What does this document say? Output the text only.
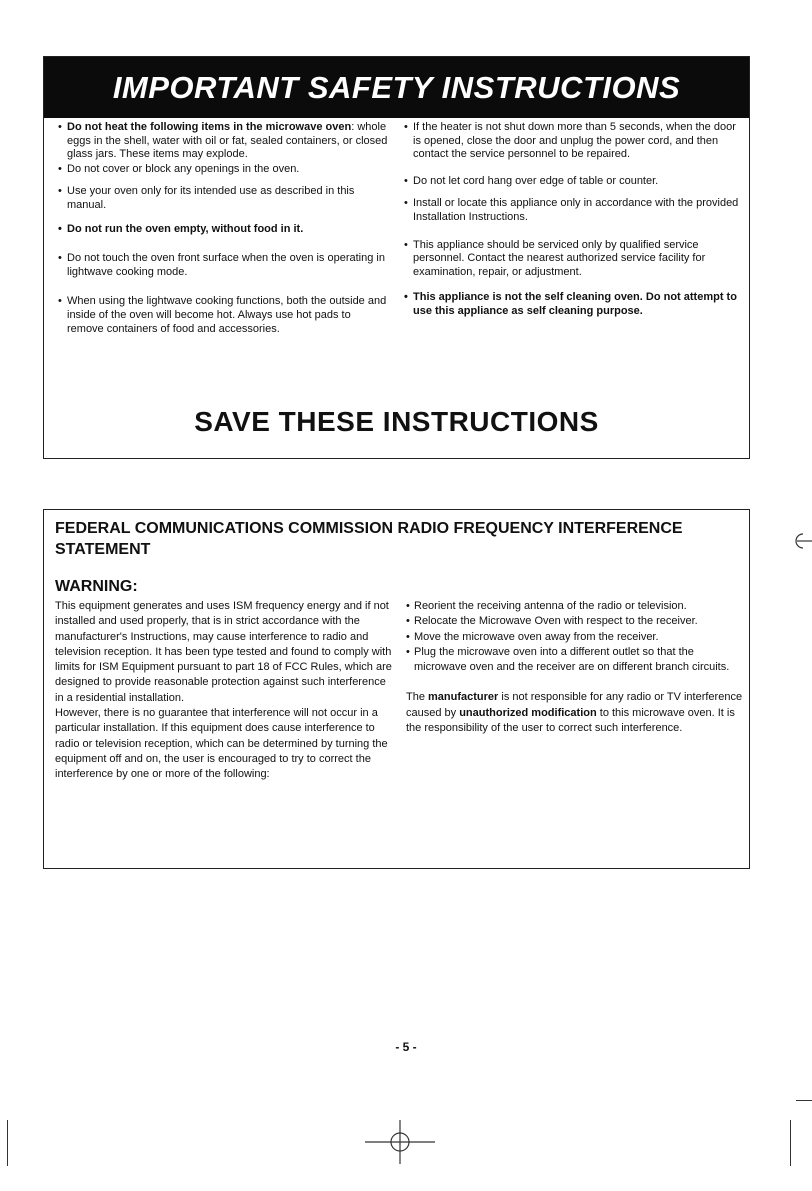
IMPORTANT SAFETY INSTRUCTIONS

• Do not heat the following items in the microwave oven: whole eggs in the shell, water with oil or fat, sealed containers, or closed glass jars. These items may explode.

• Do not cover or block any openings in the oven.

• Use your oven only for its intended use as described in this manual.

• Do not run the oven empty, without food in it.

• Do not touch the oven front surface when the oven is operating in lightwave cooking mode.

• When using the lightwave cooking functions, both the outside and inside of the oven will become hot. Always use hot pads to remove containers of food and accessories.

• If the heater is not shut down more than 5 seconds, when the door is opened, close the door and unplug the power cord, and then contact the service personnel to be repaired.

• Do not let cord hang over edge of table or counter.

• Install or locate this appliance only in accordance with the provided Installation Instructions.

• This appliance should be serviced only by qualified service personnel. Contact the nearest authorized service facility for examination, repair, or adjustment.

• This appliance is not the self cleaning oven. Do not attempt to use this appliance as self cleaning purpose.

SAVE THESE INSTRUCTIONS
FEDERAL COMMUNICATIONS COMMISSION RADIO FREQUENCY INTERFERENCE STATEMENT
WARNING:
This equipment generates and uses ISM frequency energy and if not installed and used properly, that is in strict accordance with the manufacturer's Instructions, may cause interference to radio and television reception. It has been type tested and found to comply with limits for ISM Equipment pursuant to part 18 of FCC Rules, which are designed to provide reasonable protection against such interference in a residential installation.
However, there is no guarantee that interference will not occur in a particular installation. If this equipment does cause interference to radio or television reception, which can be determined by turning the equipment off and on, the user is encouraged to try to correct the interference by one or more of the following:
• Reorient the receiving antenna of the radio or television.
• Relocate the Microwave Oven with respect to the receiver.
• Move the microwave oven away from the receiver.
• Plug the microwave oven into a different outlet so that the microwave oven and the receiver are on different branch circuits.
The manufacturer is not responsible for any radio or TV interference caused by unauthorized modification to this microwave oven. It is the responsibility of the user to correct such interference.
- 5 -
